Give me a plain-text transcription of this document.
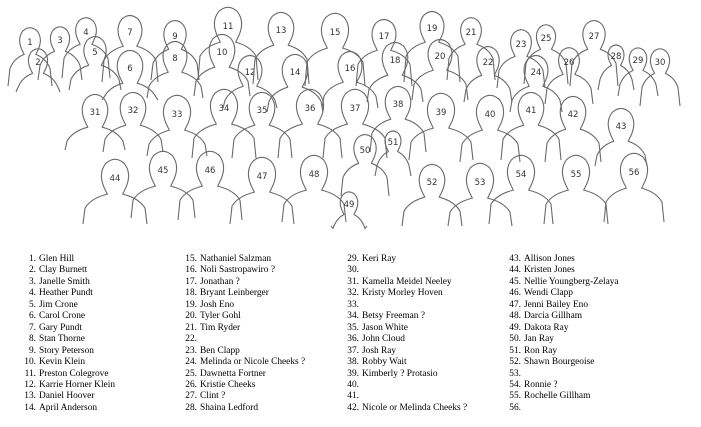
1
2
3
4
5
6
7
8
9
10
11
12
13
14
15
16
17
18
19
20
21
22
23
24
25
26
27
28 29 30
31	32	33
34	35	36	37	38
39	40	41	42
43
44
45	46
47	48
49
50
51
52	53
54	55	56
1. Glen Hill
2. Clay Burnett
3. Janelle Smith
4. Heather Pundt
5. Jim Crone
6. Carol Crone
7. Gary Pundt
8. Stan Thorne
9. Story Peterson
10. Kevin Klein
11. Preston Colegrove
12. Karrie Horner Klein
13. Daniel Hoover
14. April Anderson
15. Nathaniel Salzman
16. Noli Sastropawiro ?
17. Jonathan ?
18. Bryant Leinberger
19. Josh Eno
20. Tyler Gohl
21. Tim Ryder
22.
23. Ben Clapp
24. Melinda or Nicole Cheeks ?
25. Dawnetta Fortner
26. Kristie Cheeks
27. Clint ?
28. Shaina Ledford
29. Keri Ray
30.
31. Kamella Meidel Neeley
32. Kristy Morley Hoven
33.
34. Betsy Freeman ?
35. Jason White
36. John Cloud
37. Josh Ray
38. Robby Wait
39. Kimberly ? Protasio
40.
41.
42. Nicole or Melinda Cheeks ?
43. Allison Jones
44. Kristen Jones
45. Nellie Youngberg-Zelaya
46. Wendi Clapp
47. Jenni Bailey Eno
48. Darcia Gillham
49. Dakota Ray
50. Jan Ray
51. Ron Ray
52. Shawn Bourgeoise
53.
54. Ronnie ?
55. Rochelle Gillham
56.
